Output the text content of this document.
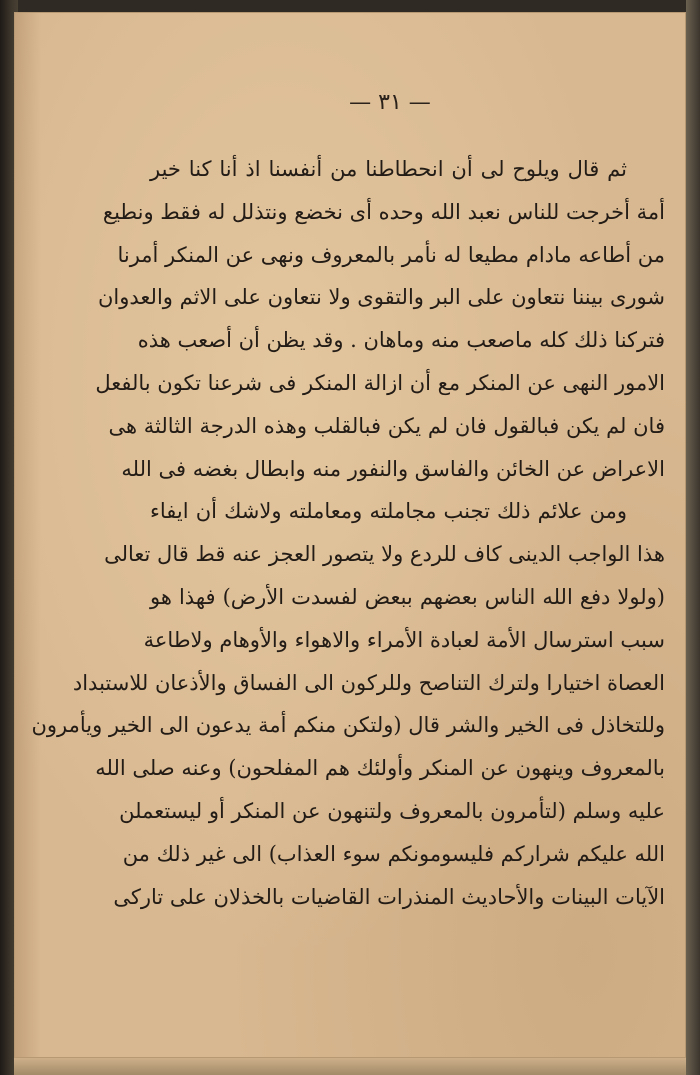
— ٣١ —
ثم قال ويلوح لى أن انحطاطنا من أنفسنا اذ أنا كنا خير
أمة أخرجت للناس نعبد الله وحده أى نخضع ونتذلل له فقط ونطيع
من أطاعه مادام مطيعا له نأمر بالمعروف ونهى عن المنكر أمرنا
شورى بيننا نتعاون على البر والتقوى ولا نتعاون على الاثم والعدوان
فتركنا ذلك كله ماصعب منه وماهان . وقد يظن أن أصعب هذه
الامور النهى عن المنكر مع أن ازالة المنكر فى شرعنا تكون بالفعل
فان لم يكن فبالقول فان لم يكن فبالقلب وهذه الدرجة الثالثة هى
الاعراض عن الخائن والفاسق والنفور منه وابطال بغضه فى الله
ومن علائم ذلك تجنب مجاملته ومعاملته ولاشك أن ايفاء
هذا الواجب الدينى كاف للردع ولا يتصور العجز عنه قط قال تعالى
(ولولا دفع الله الناس بعضهم ببعض لفسدت الأرض) فهذا هو
سبب استرسال الأمة لعبادة الأمراء والاهواء والأوهام ولاطاعة
العصاة اختيارا ولترك التناصح وللركون الى الفساق والأذعان للاستبداد
وللتخاذل فى الخير والشر قال (ولتكن منكم أمة يدعون الى الخير ويأمرون
بالمعروف وينهون عن المنكر وأولئك هم المفلحون) وعنه صلى الله
عليه وسلم (لتأمرون بالمعروف ولتنهون عن المنكر أو ليستعملن
الله عليكم شراركم فليسومونكم سوء العذاب) الى غير ذلك من
الآيات البينات والأحاديث المنذرات القاضيات بالخذلان على تاركى
